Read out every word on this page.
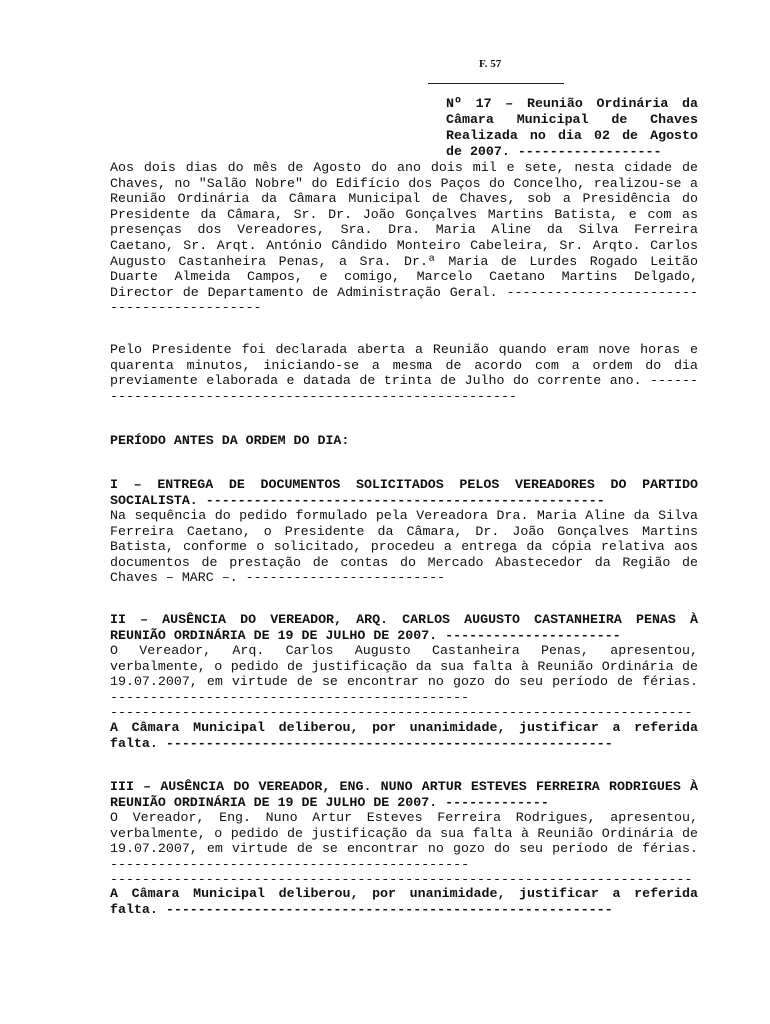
F. 57
Nº 17 – Reunião Ordinária da Câmara Municipal de Chaves Realizada no dia 02 de Agosto de 2007. ------------------
Aos dois dias do mês de Agosto do ano dois mil e sete, nesta cidade de Chaves, no "Salão Nobre" do Edifício dos Paços do Concelho, realizou-se a Reunião Ordinária da Câmara Municipal de Chaves, sob a Presidência do Presidente da Câmara, Sr. Dr. João Gonçalves Martins Batista, e com as presenças dos Vereadores, Sra. Dra. Maria Aline da Silva Ferreira Caetano, Sr. Arqt. António Cândido Monteiro Cabeleira, Sr. Arqto. Carlos Augusto Castanheira Penas, a Sra. Dr.ª Maria de Lurdes Rogado Leitão Duarte Almeida Campos, e comigo, Marcelo Caetano Martins Delgado, Director de Departamento de Administração Geral. -------------------------------------------
Pelo Presidente foi declarada aberta a Reunião quando eram nove horas e quarenta minutos, iniciando-se a mesma de acordo com a ordem do dia previamente elaborada e datada de trinta de Julho do corrente ano. ---------------------------------------------------------
PERÍODO ANTES DA ORDEM DO DIA:
I – ENTREGA DE DOCUMENTOS SOLICITADOS PELOS VEREADORES DO PARTIDO SOCIALISTA. --------------------------------------------------
Na sequência do pedido formulado pela Vereadora Dra. Maria Aline da Silva Ferreira Caetano, o Presidente da Câmara, Dr. João Gonçalves Martins Batista, conforme o solicitado, procedeu a entrega da cópia relativa aos documentos de prestação de contas do Mercado Abastecedor da Região de Chaves – MARC –. -------------------------
II – AUSÊNCIA DO VEREADOR, ARQ. CARLOS AUGUSTO CASTANHEIRA PENAS À REUNIÃO ORDINÁRIA DE 19 DE JULHO DE 2007. ----------------------
O Vereador, Arq. Carlos Augusto Castanheira Penas, apresentou, verbalmente, o pedido de justificação da sua falta à Reunião Ordinária de 19.07.2007, em virtude de se encontrar no gozo do seu período de férias. ---------------------------------------------
-------------------------------------------------------------------------
A Câmara Municipal deliberou, por unanimidade, justificar a referida falta. --------------------------------------------------------
III – AUSÊNCIA DO VEREADOR, ENG. NUNO ARTUR ESTEVES FERREIRA RODRIGUES À REUNIÃO ORDINÁRIA DE 19 DE JULHO DE 2007. -------------
O Vereador, Eng. Nuno Artur Esteves Ferreira Rodrigues, apresentou, verbalmente, o pedido de justificação da sua falta à Reunião Ordinária de 19.07.2007, em virtude de se encontrar no gozo do seu período de férias. ---------------------------------------------
-------------------------------------------------------------------------
A Câmara Municipal deliberou, por unanimidade, justificar a referida falta. --------------------------------------------------------
